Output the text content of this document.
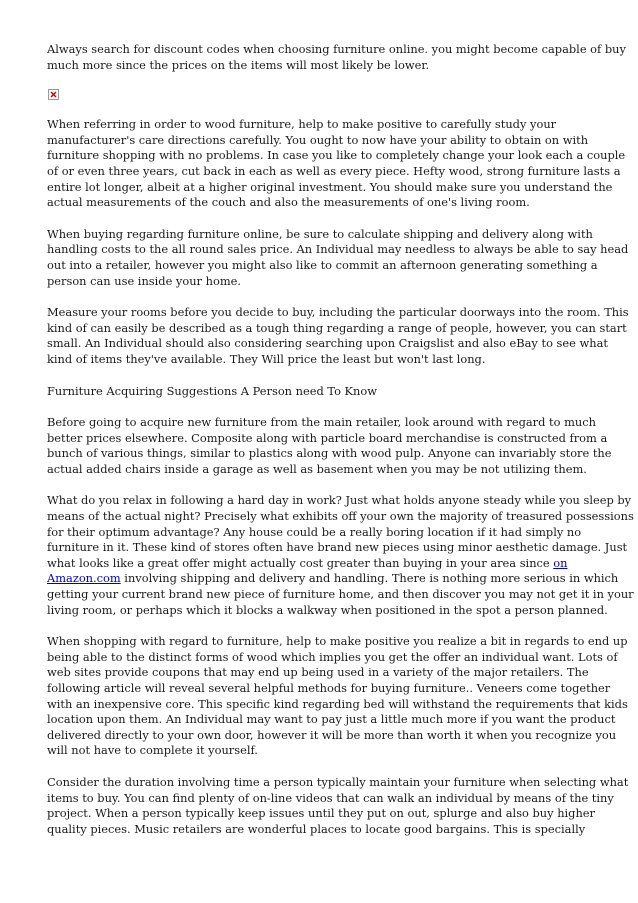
Always search for discount codes when choosing furniture online. you might become capable of buy
much more since the prices on the items will most likely be lower.

When referring in order to wood furniture, help to make positive to carefully study your
manufacturer's care directions carefully. You ought to now have your ability to obtain on with
furniture shopping with no problems. In case you like to completely change your look each a couple
of or even three years, cut back in each as well as every piece. Hefty wood, strong furniture lasts a
entire lot longer, albeit at a higher original investment. You should make sure you understand the
actual measurements of the couch and also the measurements of one's living room.

When buying regarding furniture online, be sure to calculate shipping and delivery along with
handling costs to the all round sales price. An Individual may needless to always be able to say head
out into a retailer, however you might also like to commit an afternoon generating something a
person can use inside your home.

Measure your rooms before you decide to buy, including the particular doorways into the room. This
kind of can easily be described as a tough thing regarding a range of people, however, you can start
small. An Individual should also considering searching upon Craigslist and also eBay to see what
kind of items they've available. They Will price the least but won't last long.

Furniture Acquiring Suggestions A Person need To Know

Before going to acquire new furniture from the main retailer, look around with regard to much
better prices elsewhere. Composite along with particle board merchandise is constructed from a
bunch of various things, similar to plastics along with wood pulp. Anyone can invariably store the
actual added chairs inside a garage as well as basement when you may be not utilizing them.

What do you relax in following a hard day in work? Just what holds anyone steady while you sleep by
means of the actual night? Precisely what exhibits off your own the majority of treasured possessions
for their optimum advantage? Any house could be a really boring location if it had simply no
furniture in it. These kind of stores often have brand new pieces using minor aesthetic damage. Just
what looks like a great offer might actually cost greater than buying in your area since on
Amazon.com involving shipping and delivery and handling. There is nothing more serious in which
getting your current brand new piece of furniture home, and then discover you may not get it in your
living room, or perhaps which it blocks a walkway when positioned in the spot a person planned.

When shopping with regard to furniture, help to make positive you realize a bit in regards to end up
being able to the distinct forms of wood which implies you get the offer an individual want. Lots of
web sites provide coupons that may end up being used in a variety of the major retailers. The
following article will reveal several helpful methods for buying furniture.. Veneers come together
with an inexpensive core. This specific kind regarding bed will withstand the requirements that kids
location upon them. An Individual may want to pay just a little much more if you want the product
delivered directly to your own door, however it will be more than worth it when you recognize you
will not have to complete it yourself.

Consider the duration involving time a person typically maintain your furniture when selecting what
items to buy. You can find plenty of on-line videos that can walk an individual by means of the tiny
project. When a person typically keep issues until they put on out, splurge and also buy higher
quality pieces. Music retailers are wonderful places to locate good bargains. This is specially
